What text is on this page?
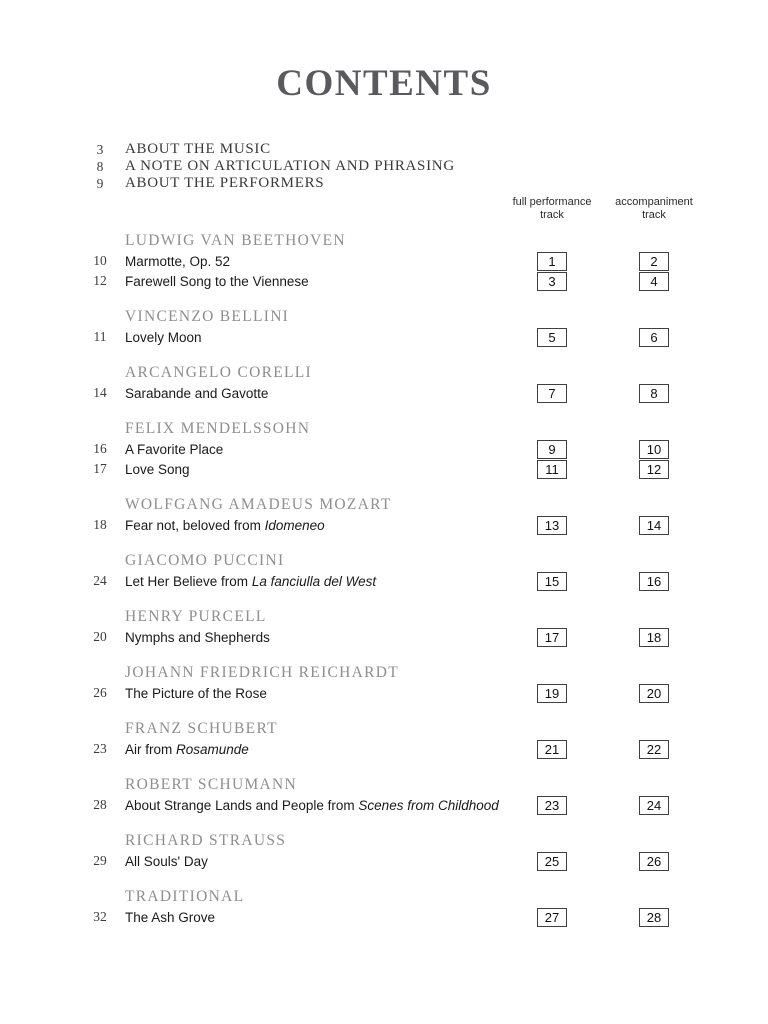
CONTENTS
3	ABOUT THE MUSIC
8	A NOTE ON ARTICULATION AND PHRASING
9	ABOUT THE PERFORMERS
full performance
track
accompaniment
track
LUDWIG VAN BEETHOVEN
10	Marmotte, Op. 52	1	2
12	Farewell Song to the Viennese	3	4
VINCENZO BELLINI
11	Lovely Moon	5	6
ARCANGELO CORELLI
14	Sarabande and Gavotte	7	8
FELIX MENDELSSOHN
16	A Favorite Place	9	10
17	Love Song	11	12
WOLFGANG AMADEUS MOZART
18	Fear not, beloved from Idomeneo	13	14
GIACOMO PUCCINI
24	Let Her Believe from La fanciulla del West	15	16
HENRY PURCELL
20	Nymphs and Shepherds	17	18
JOHANN FRIEDRICH REICHARDT
26	The Picture of the Rose	19	20
FRANZ SCHUBERT
23	Air from Rosamunde	21	22
ROBERT SCHUMANN
28	About Strange Lands and People from Scenes from Childhood	23	24
RICHARD STRAUSS
29	All Souls' Day	25	26
TRADITIONAL
32	The Ash Grove	27	28
